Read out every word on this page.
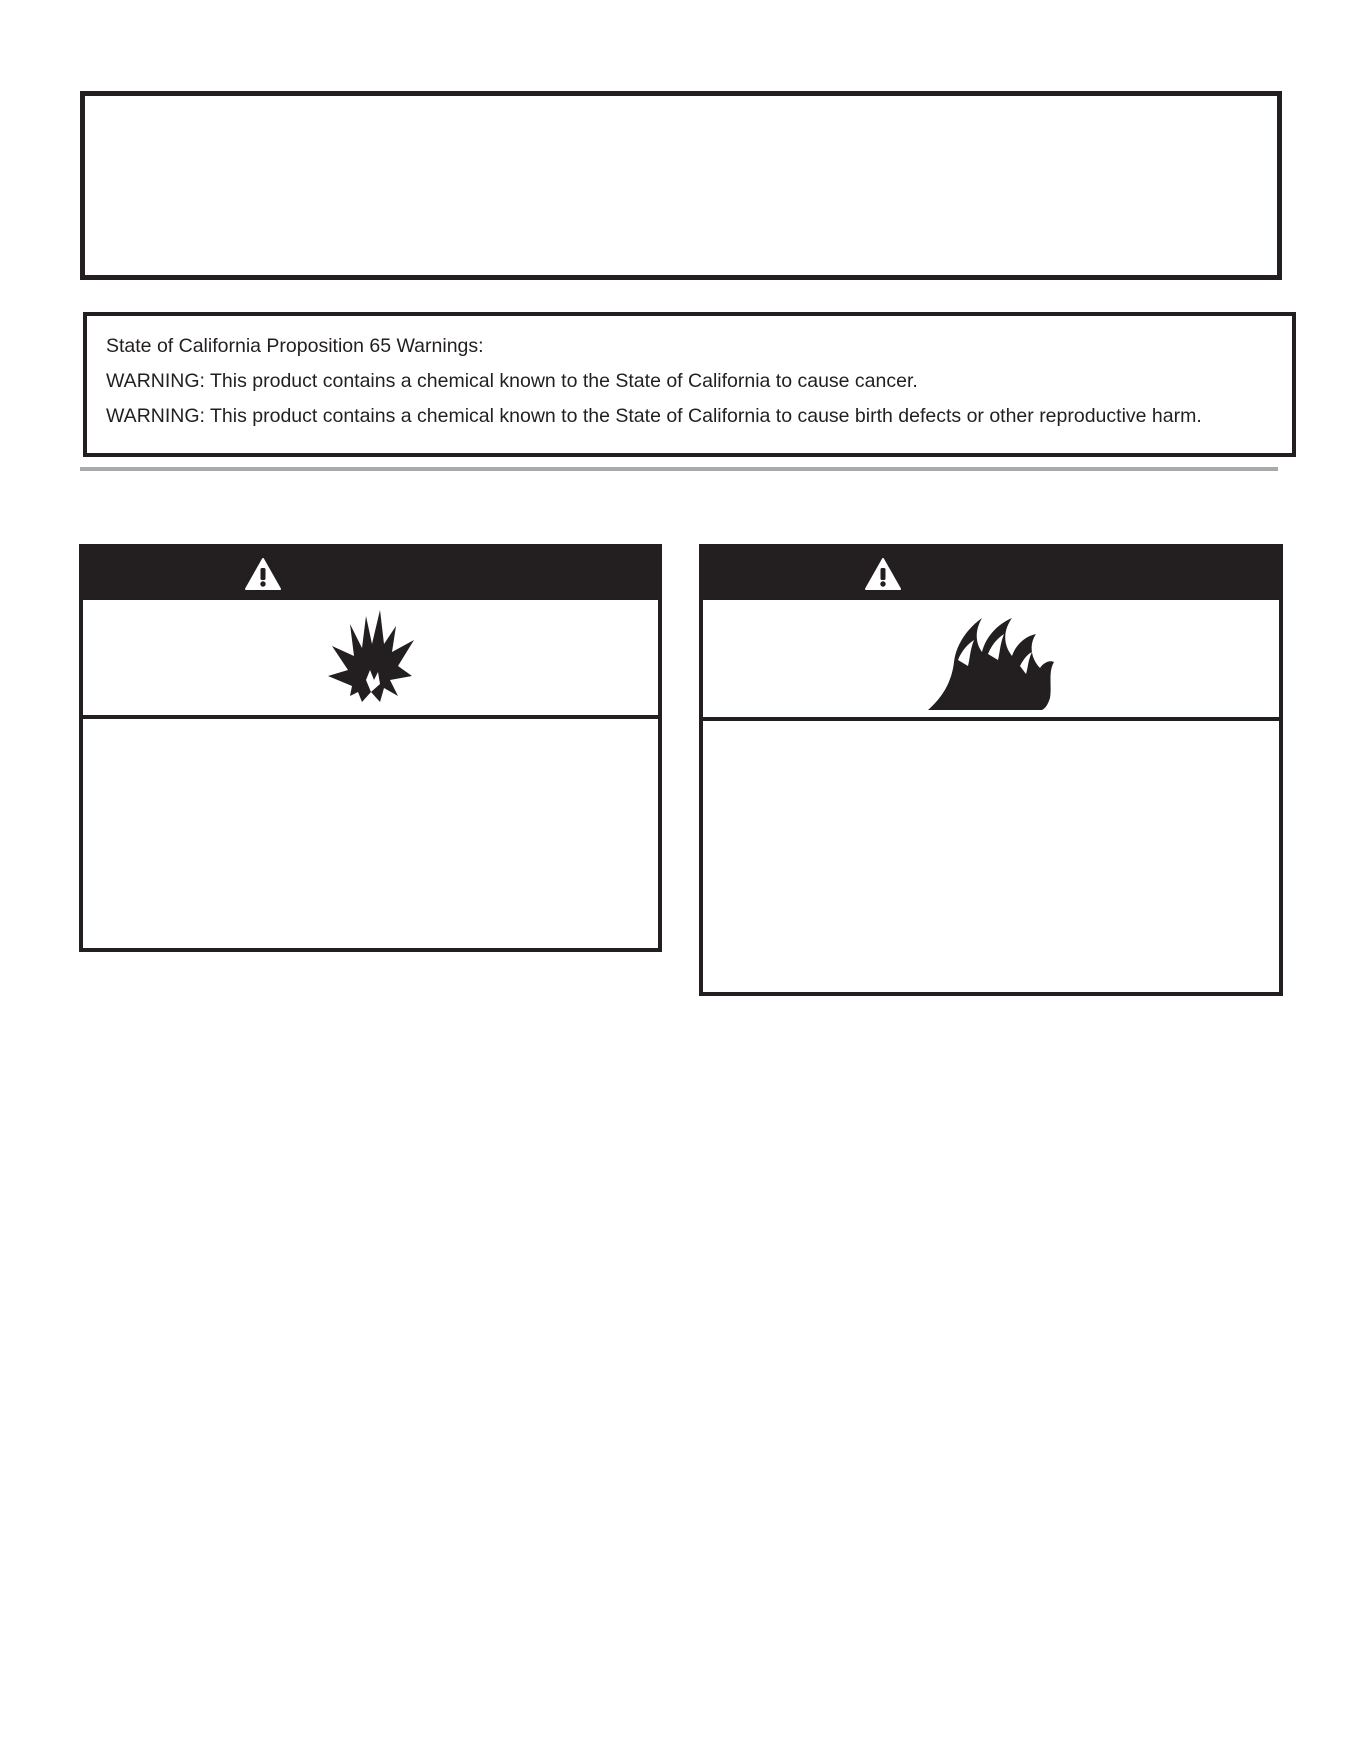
State of California Proposition 65 Warnings:
WARNING: This product contains a chemical known to the State of California to cause cancer.
WARNING: This product contains a chemical known to the State of California to cause birth defects or other reproductive harm.
